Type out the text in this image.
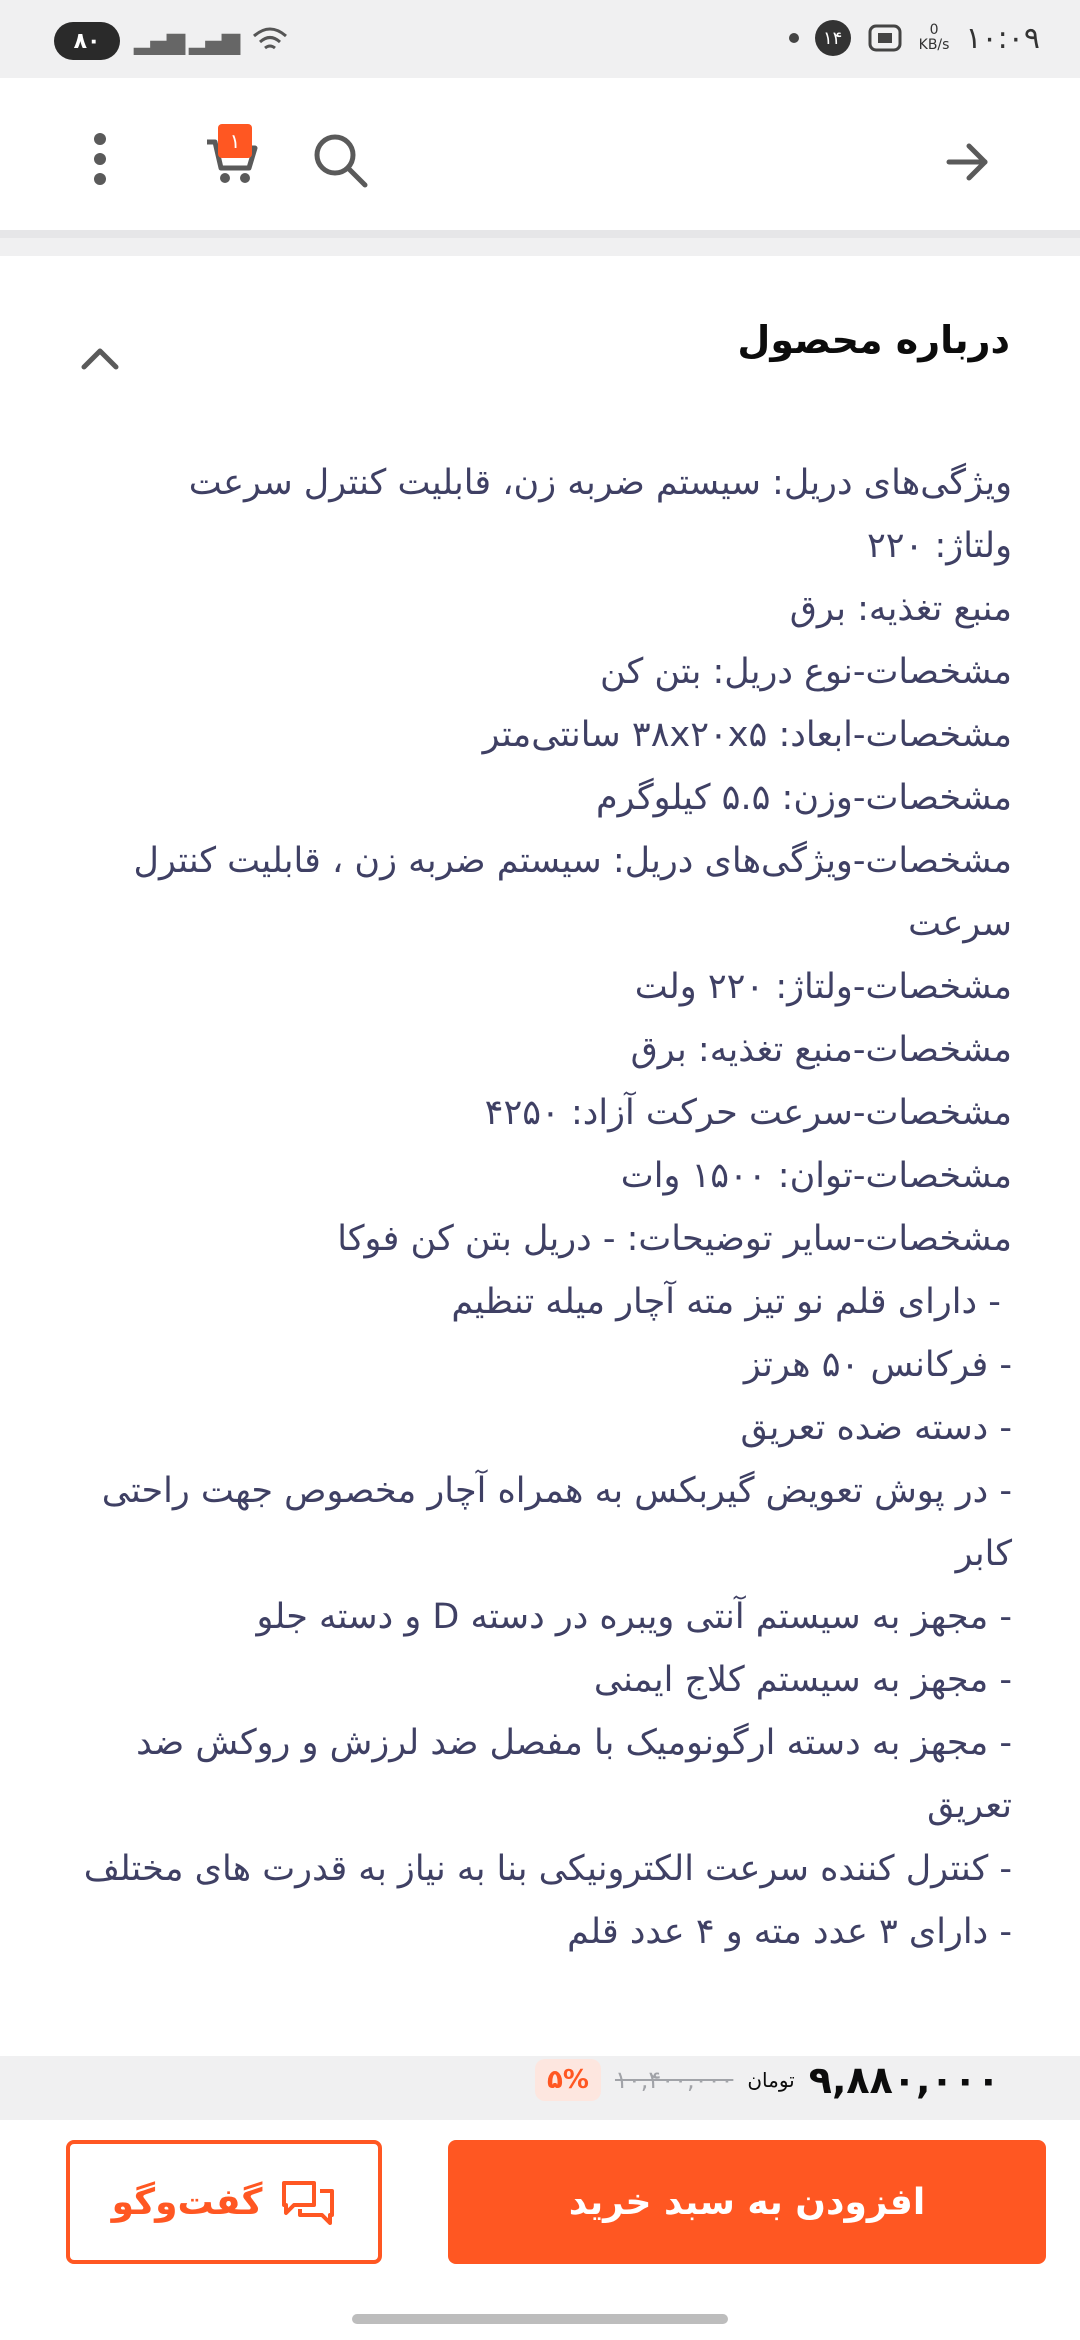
۸۰	▂▄▆ ▂▄▆	۱۴	0
KB/s ۱۰:۰۹
۱
درباره محصول
ویژگی‌های دریل: سیستم ضربه زن، قابلیت کنترل سرعت
ولتاژ: ۲۲۰
منبع تغذیه: برق
مشخصات-نوع دریل: بتن کن
مشخصات-ابعاد: ۳۸x۲۰x۵ سانتی‌متر
مشخصات-وزن: ۵.۵ کیلوگرم
مشخصات-ویژگی‌های دریل: سیستم ضربه زن ، قابلیت کنترل سرعت
مشخصات-ولتاژ: ۲۲۰ ولت
مشخصات-منبع تغذیه: برق
مشخصات-سرعت حرکت آزاد: ۴۲۵۰
مشخصات-توان: ۱۵۰۰ وات
مشخصات-سایر توضیحات: - دریل بتن کن فوکا
- دارای قلم نو تیز مته آچار میله تنظیم
- فرکانس ۵۰ هرتز
- دسته ضده تعریق
- در پوش تعویض گیربکس به همراه آچار مخصوص جهت راحتی کابر
- مجهز به سیستم آنتی ویبره در دسته D و دسته جلو
- مجهز به سیستم کلاج ایمنی
- مجهز به دسته ارگونومیک با مفصل ضد لرزش و روکش ضد تعریق
- کنترل کننده سرعت الکترونیکی بنا به نیاز به قدرت های مختلف
- دارای ۳ عدد مته و ۴ عدد قلم
۹,۸۸۰,۰۰۰
تومان
۱۰,۴۰۰,۰۰۰
۵%
افزودن به سبد خرید
گفت‌وگو
